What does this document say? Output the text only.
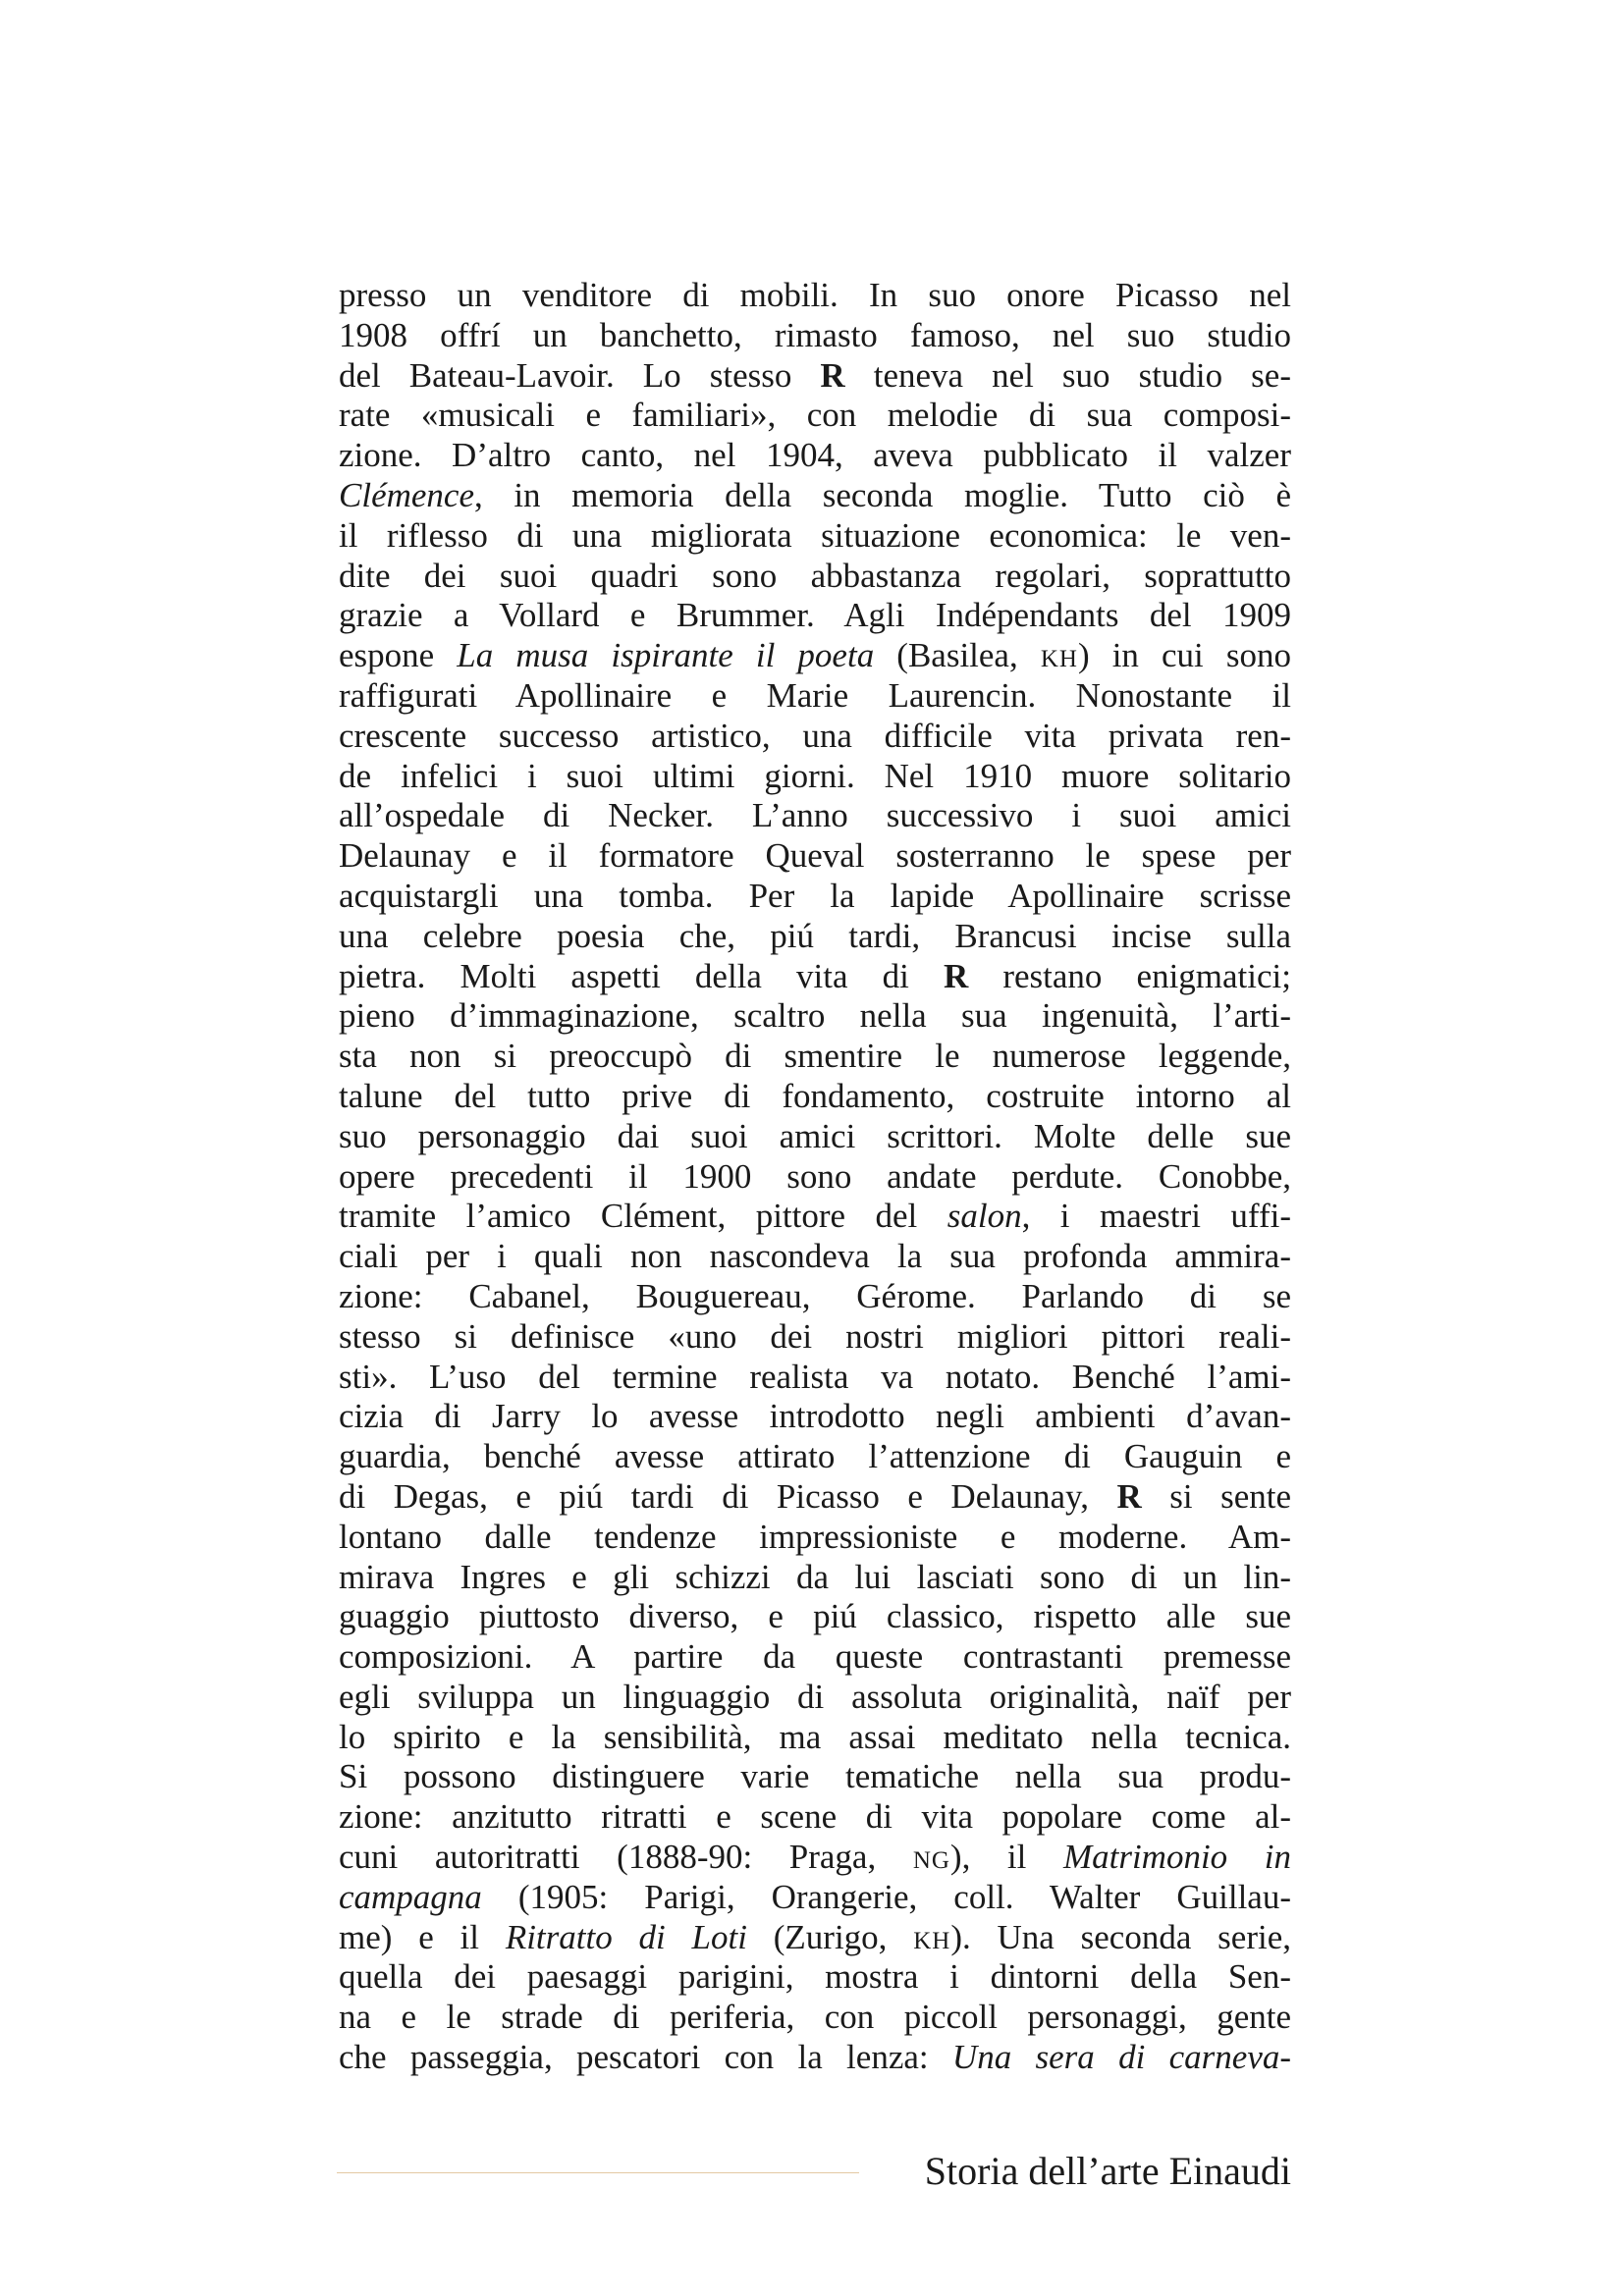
presso un venditore di mobili. In suo onore Picasso nel
1908 offrí un banchetto, rimasto famoso, nel suo studio
del Bateau-Lavoir. Lo stesso R teneva nel suo studio se-
rate «musicali e familiari», con melodie di sua composi-
zione. D’altro canto, nel 1904, aveva pubblicato il valzer
Clémence, in memoria della seconda moglie. Tutto ciò è
il riflesso di una migliorata situazione economica: le ven-
dite dei suoi quadri sono abbastanza regolari, soprattutto
grazie a Vollard e Brummer. Agli Indépendants del 1909
espone La musa ispirante il poeta (Basilea, KH) in cui sono
raffigurati Apollinaire e Marie Laurencin. Nonostante il
crescente successo artistico, una difficile vita privata ren-
de infelici i suoi ultimi giorni. Nel 1910 muore solitario
all’ospedale di Necker. L’anno successivo i suoi amici
Delaunay e il formatore Queval sosterranno le spese per
acquistargli una tomba. Per la lapide Apollinaire scrisse
una celebre poesia che, piú tardi, Brancusi incise sulla
pietra. Molti aspetti della vita di R restano enigmatici;
pieno d’immaginazione, scaltro nella sua ingenuità, l’arti-
sta non si preoccupò di smentire le numerose leggende,
talune del tutto prive di fondamento, costruite intorno al
suo personaggio dai suoi amici scrittori. Molte delle sue
opere precedenti il 1900 sono andate perdute. Conobbe,
tramite l’amico Clément, pittore del salon, i maestri uffi-
ciali per i quali non nascondeva la sua profonda ammira-
zione: Cabanel, Bouguereau, Gérome. Parlando di se
stesso si definisce «uno dei nostri migliori pittori reali-
sti». L’uso del termine realista va notato. Benché l’ami-
cizia di Jarry lo avesse introdotto negli ambienti d’avan-
guardia, benché avesse attirato l’attenzione di Gauguin e
di Degas, e piú tardi di Picasso e Delaunay, R si sente
lontano dalle tendenze impressioniste e moderne. Am-
mirava Ingres e gli schizzi da lui lasciati sono di un lin-
guaggio piuttosto diverso, e piú classico, rispetto alle sue
composizioni. A partire da queste contrastanti premesse
egli sviluppa un linguaggio di assoluta originalità, naïf per
lo spirito e la sensibilità, ma assai meditato nella tecnica.
Si possono distinguere varie tematiche nella sua produ-
zione: anzitutto ritratti e scene di vita popolare come al-
cuni autoritratti (1888-90: Praga, NG), il Matrimonio in
campagna (1905: Parigi, Orangerie, coll. Walter Guillau-
me) e il Ritratto di Loti (Zurigo, KH). Una seconda serie,
quella dei paesaggi parigini, mostra i dintorni della Sen-
na e le strade di periferia, con piccoll personaggi, gente
che passeggia, pescatori con la lenza: Una sera di carneva-
Storia dell’arte Einaudi
